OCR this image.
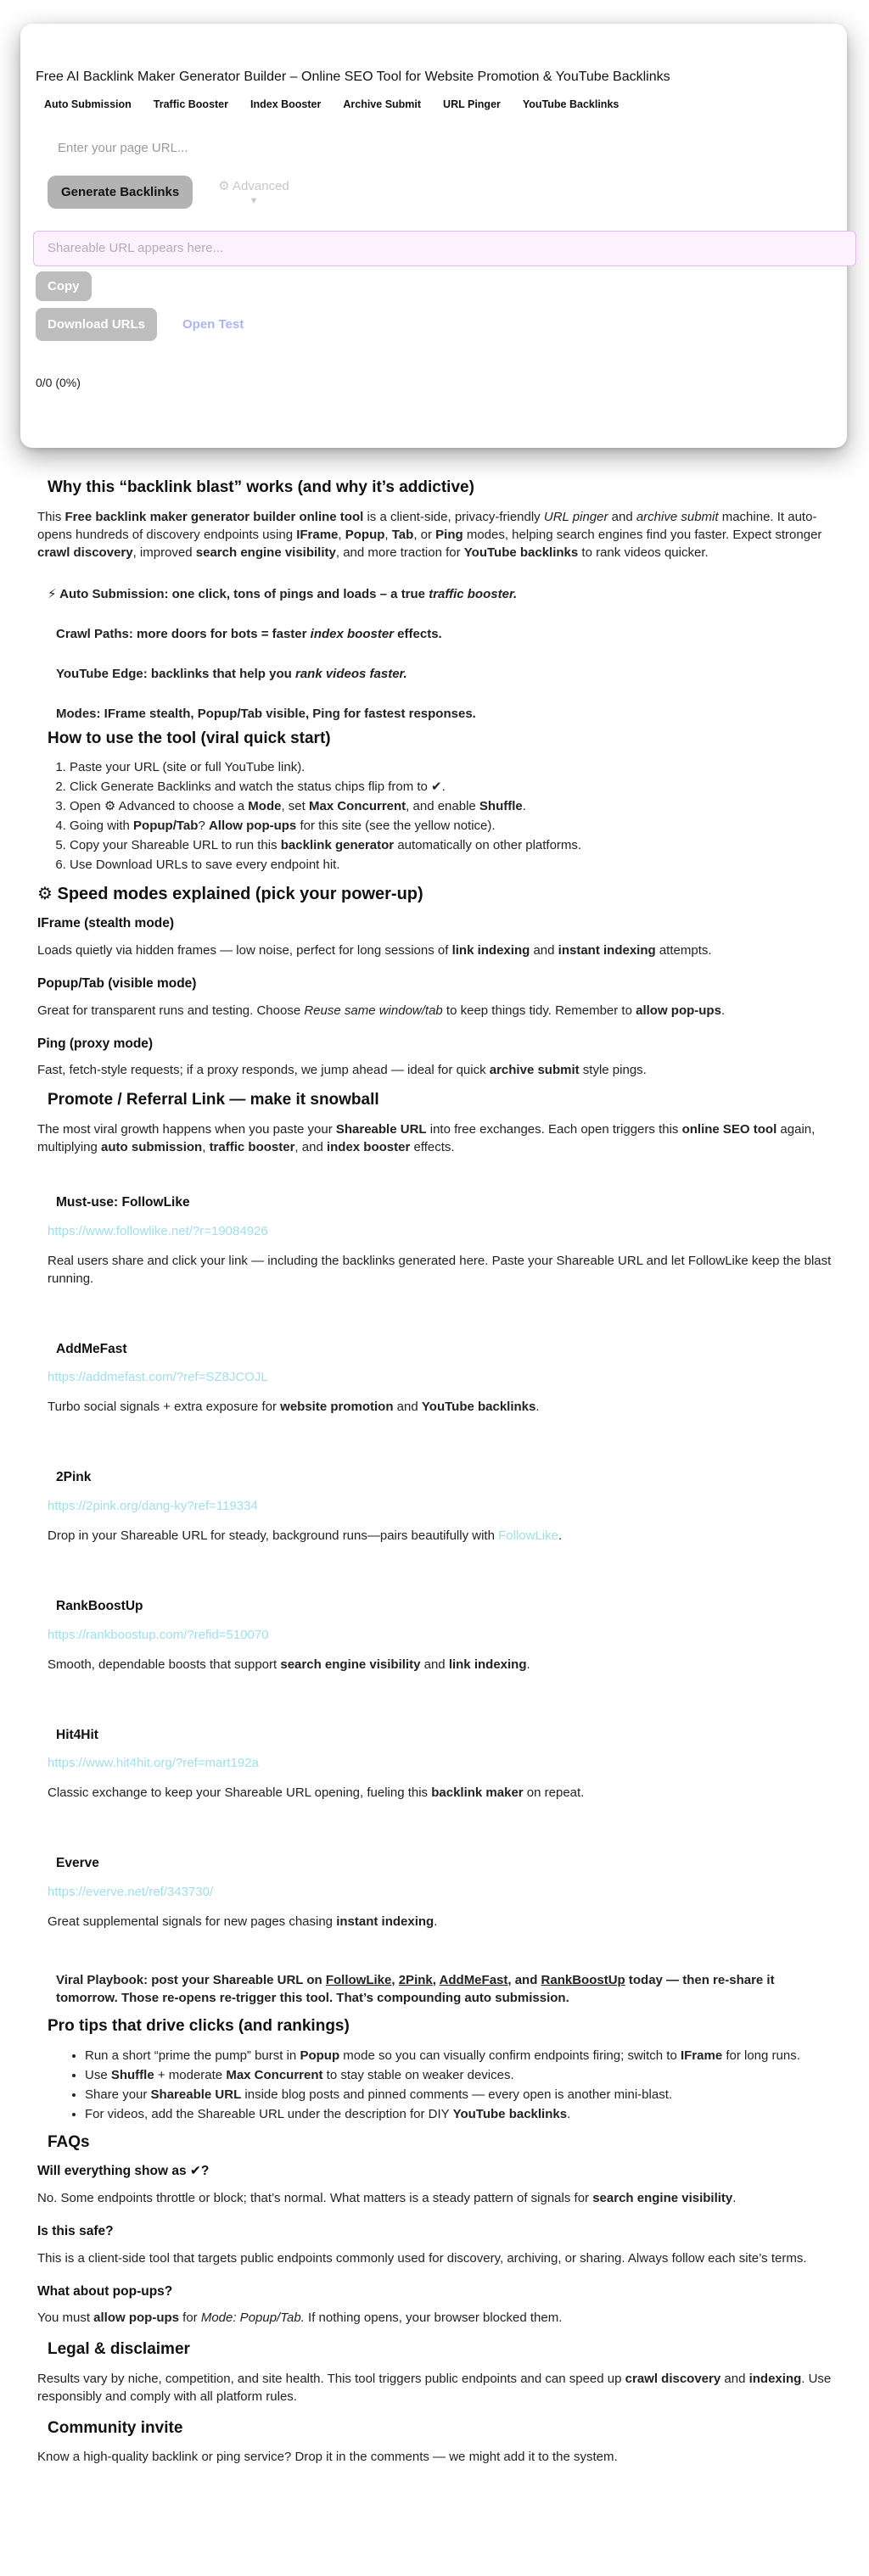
Free AI Backlink Maker Generator Builder – Online SEO Tool for Website Promotion & YouTube Backlinks
Auto Submission	Traffic Booster	Index Booster	Archive Submit	URL Pinger	YouTube Backlinks
Enter your page URL...
Generate Backlinks	⚙ Advanced
▼
Shareable URL appears here...
Copy
Download URLs	Open Test
0/0 (0%)
Why this “backlink blast” works (and why it’s addictive)

This Free backlink maker generator builder online tool is a client-side, privacy-friendly URL pinger and archive submit machine. It auto-opens hundreds of discovery endpoints using IFrame, Popup, Tab, or Ping modes, helping search engines find you faster. Expect stronger crawl discovery, improved search engine visibility, and more traction for YouTube backlinks to rank videos quicker.

⚡ Auto Submission: one click, tons of pings and loads – a true traffic booster.
Crawl Paths: more doors for bots = faster index booster effects.
YouTube Edge: backlinks that help you rank videos faster.
Modes: IFrame stealth, Popup/Tab visible, Ping for fastest responses.
How to use the tool (viral quick start)
1. Paste your URL (site or full YouTube link).
2. Click Generate Backlinks and watch the status chips flip from to ✔.
3. Open ⚙ Advanced to choose a Mode, set Max Concurrent, and enable Shuffle.
4. Going with Popup/Tab? Allow pop-ups for this site (see the yellow notice).
5. Copy your Shareable URL to run this backlink generator automatically on other platforms.
6. Use Download URLs to save every endpoint hit.
⚙ Speed modes explained (pick your power-up)
IFrame (stealth mode)

Loads quietly via hidden frames — low noise, perfect for long sessions of link indexing and instant indexing attempts.

Popup/Tab (visible mode)

Great for transparent runs and testing. Choose Reuse same window/tab to keep things tidy. Remember to allow pop-ups.

Ping (proxy mode)

Fast, fetch-style requests; if a proxy responds, we jump ahead — ideal for quick archive submit style pings.

Promote / Referral Link — make it snowball

The most viral growth happens when you paste your Shareable URL into free exchanges. Each open triggers this online SEO tool again, multiplying auto submission, traffic booster, and index booster effects.

Must-use: FollowLike
https://www.followlike.net/?r=19084926

Real users share and click your link — including the backlinks generated here. Paste your Shareable URL and let FollowLike keep the blast running.

AddMeFast
https://addmefast.com/?ref=SZ8JCOJL

Turbo social signals + extra exposure for website promotion and YouTube backlinks.

2Pink
https://2pink.org/dang-ky?ref=119334

Drop in your Shareable URL for steady, background runs—pairs beautifully with FollowLike.

RankBoostUp
https://rankboostup.com/?refid=510070

Smooth, dependable boosts that support search engine visibility and link indexing.

Hit4Hit
https://www.hit4hit.org/?ref=mart192a

Classic exchange to keep your Shareable URL opening, fueling this backlink maker on repeat.

Everve
https://everve.net/ref/343730/

Great supplemental signals for new pages chasing instant indexing.

Viral Playbook: post your Shareable URL on FollowLike, 2Pink, AddMeFast, and RankBoostUp today — then re-share it tomorrow. Those re-opens re-trigger this tool. That’s compounding auto submission.

Pro tips that drive clicks (and rankings)
• Run a short “prime the pump” burst in Popup mode so you can visually confirm endpoints firing; switch to IFrame for long runs.
• Use Shuffle + moderate Max Concurrent to stay stable on weaker devices.
• Share your Shareable URL inside blog posts and pinned comments — every open is another mini-blast.
• For videos, add the Shareable URL under the description for DIY YouTube backlinks.
FAQs
Will everything show as ✔?

No. Some endpoints throttle or block; that’s normal. What matters is a steady pattern of signals for search engine visibility.

Is this safe?

This is a client-side tool that targets public endpoints commonly used for discovery, archiving, or sharing. Always follow each site’s terms.

What about pop-ups?

You must allow pop-ups for Mode: Popup/Tab. If nothing opens, your browser blocked them.

Legal & disclaimer

Results vary by niche, competition, and site health. This tool triggers public endpoints and can speed up crawl discovery and indexing. Use responsibly and comply with all platform rules.

Community invite

Know a high-quality backlink or ping service? Drop it in the comments — we might add it to the system.
